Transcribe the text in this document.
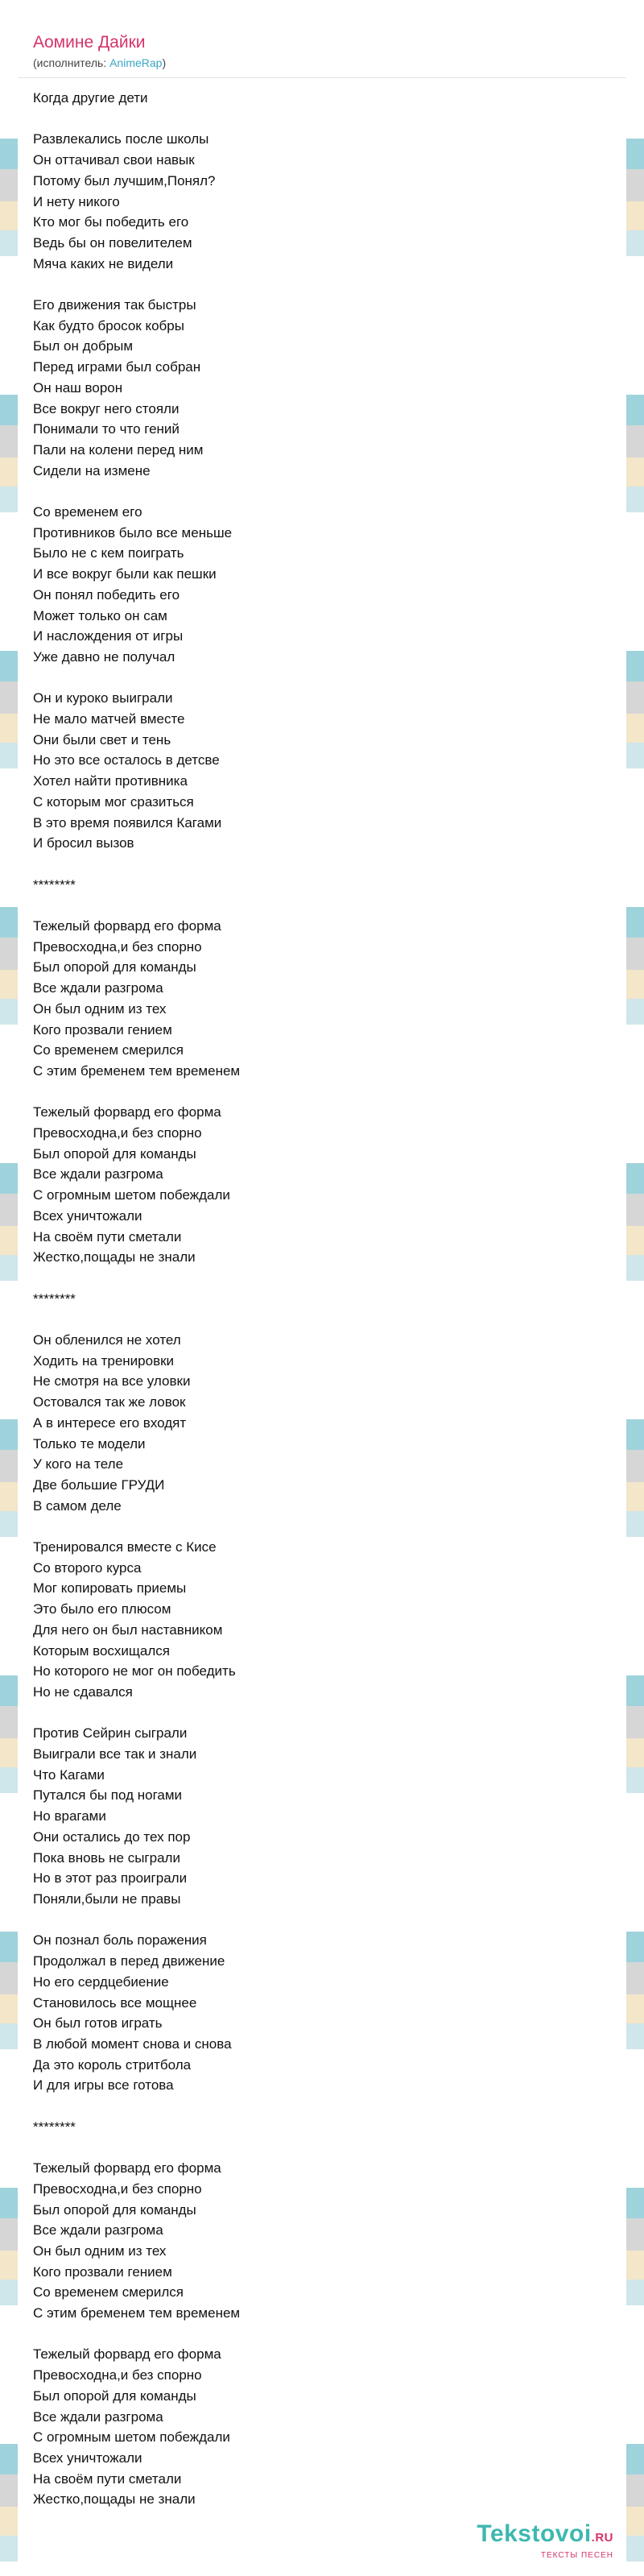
Аомине Дайки
(исполнитель: AnimeRap)
Когда другие дети
Развлекались после школы
Он оттачивал свои навык
Потому был лучшим,Понял?
И нету никого
Кто мог бы победить его
Ведь бы он повелителем
Мяча каких не видели
Его движения так быстры
Как будто бросок кобры
Был он добрым
Перед играми был собран
Он наш ворон
Все вокруг него стояли
Понимали то что гений
Пали на колени перед ним
Сидели на измене
Со временем его
Противников было все меньше
Было не с кем поиграть
И все вокруг были как пешки
Он понял победить его
Может только он сам
И наслождения от игры
Уже давно не получал
Он и куроко выиграли
Не мало матчей вместе
Они были свет и тень
Но это все осталось в детсве
Хотел найти противника
С которым мог сразиться
В это время появился Кагами
И бросил вызов
********
Тежелый форвард его форма
Превосходна,и без спорно
Был опорой для команды
Все ждали разгрома
Он был одним из тех
Кого прозвали гением
Со временем смерился
С этим бременем тем временем
Тежелый форвард его форма
Превосходна,и без спорно
Был опорой для команды
Все ждали разгрома
С огромным шетом побеждали
Всех уничтожали
На своём пути сметали
Жестко,пощады не знали
********
Он обленился не хотел
Ходить на тренировки
Не смотря на все уловки
Остовался так же ловок
А в интересе его входят
Только те модели
У кого на теле
Две большие ГРУДИ
В самом деле
Тренировался вместе с Кисе
Со второго курса
Мог копировать приемы
Это было его плюсом
Для него он был наставником
Которым восхищался
Но которого не мог он победить
Но не сдавался
Против Сейрин сыграли
Выиграли все так и знали
Что Кагами
Путался бы под ногами
Но врагами
Они остались до тех пор
Пока вновь не сыграли
Но в этот раз проиграли
Поняли,были не правы
Он познал боль поражения
Продолжал в перед движение
Но его сердцебиение
Становилось все мощнее
Он был готов играть
В любой момент снова и снова
Да это король стритбола
И для игры все готова
********
Тежелый форвард его форма
Превосходна,и без спорно
Был опорой для команды
Все ждали разгрома
Он был одним из тех
Кого прозвали гением
Со временем смерился
С этим бременем тем временем
Тежелый форвард его форма
Превосходна,и без спорно
Был опорой для команды
Все ждали разгрома
С огромным шетом побеждали
Всех уничтожали
На своём пути сметали
Жестко,пощады не знали
Tekstovoi.RU
ТЕКСТЫ ПЕСЕН
